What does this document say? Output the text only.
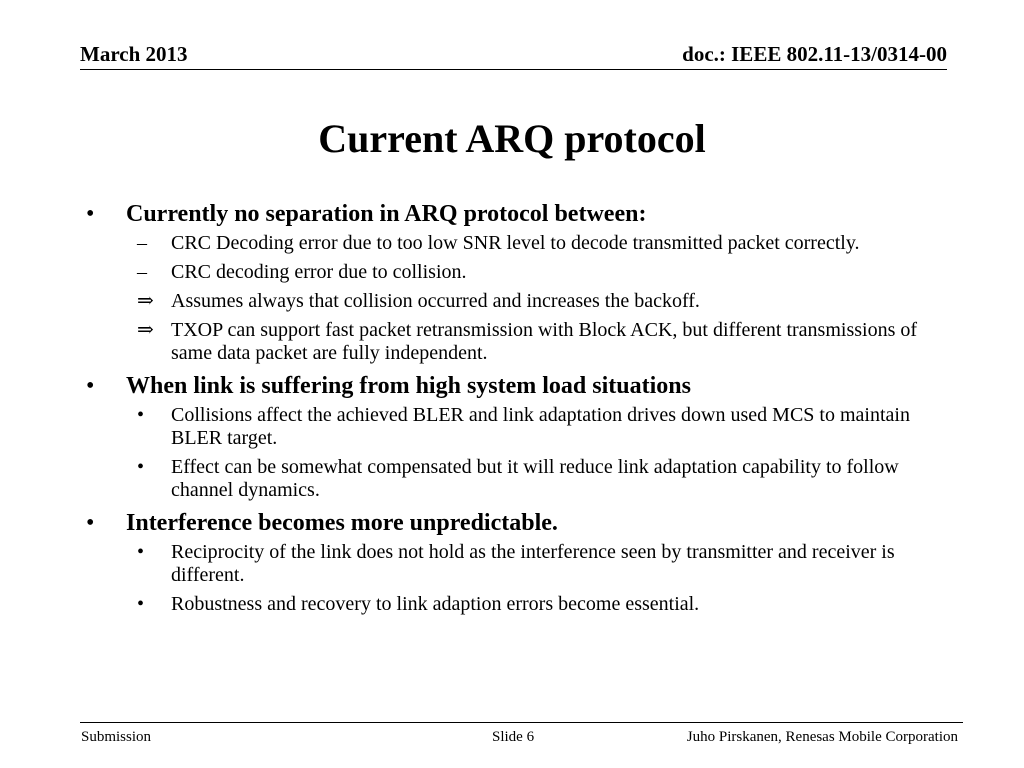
March 2013	doc.: IEEE 802.11-13/0314-00
Current ARQ protocol
• Currently no separation in ARQ protocol between:
– CRC Decoding error due to too low SNR level to decode transmitted packet correctly.
– CRC decoding error due to collision.
⇒ Assumes always that collision occurred and increases the backoff.
⇒ TXOP can support fast packet retransmission with Block ACK, but different transmissions of same data packet are fully independent.
• When link is suffering from high system load situations
• Collisions affect the achieved BLER and link adaptation drives down used MCS to maintain BLER target.
• Effect can be somewhat compensated but it will reduce link adaptation capability to follow channel dynamics.
• Interference becomes more unpredictable.
• Reciprocity of the link does not hold as the interference seen by transmitter and receiver is different.
• Robustness and recovery to link adaption errors become essential.
Submission	Slide 6	Juho Pirskanen, Renesas Mobile Corporation
